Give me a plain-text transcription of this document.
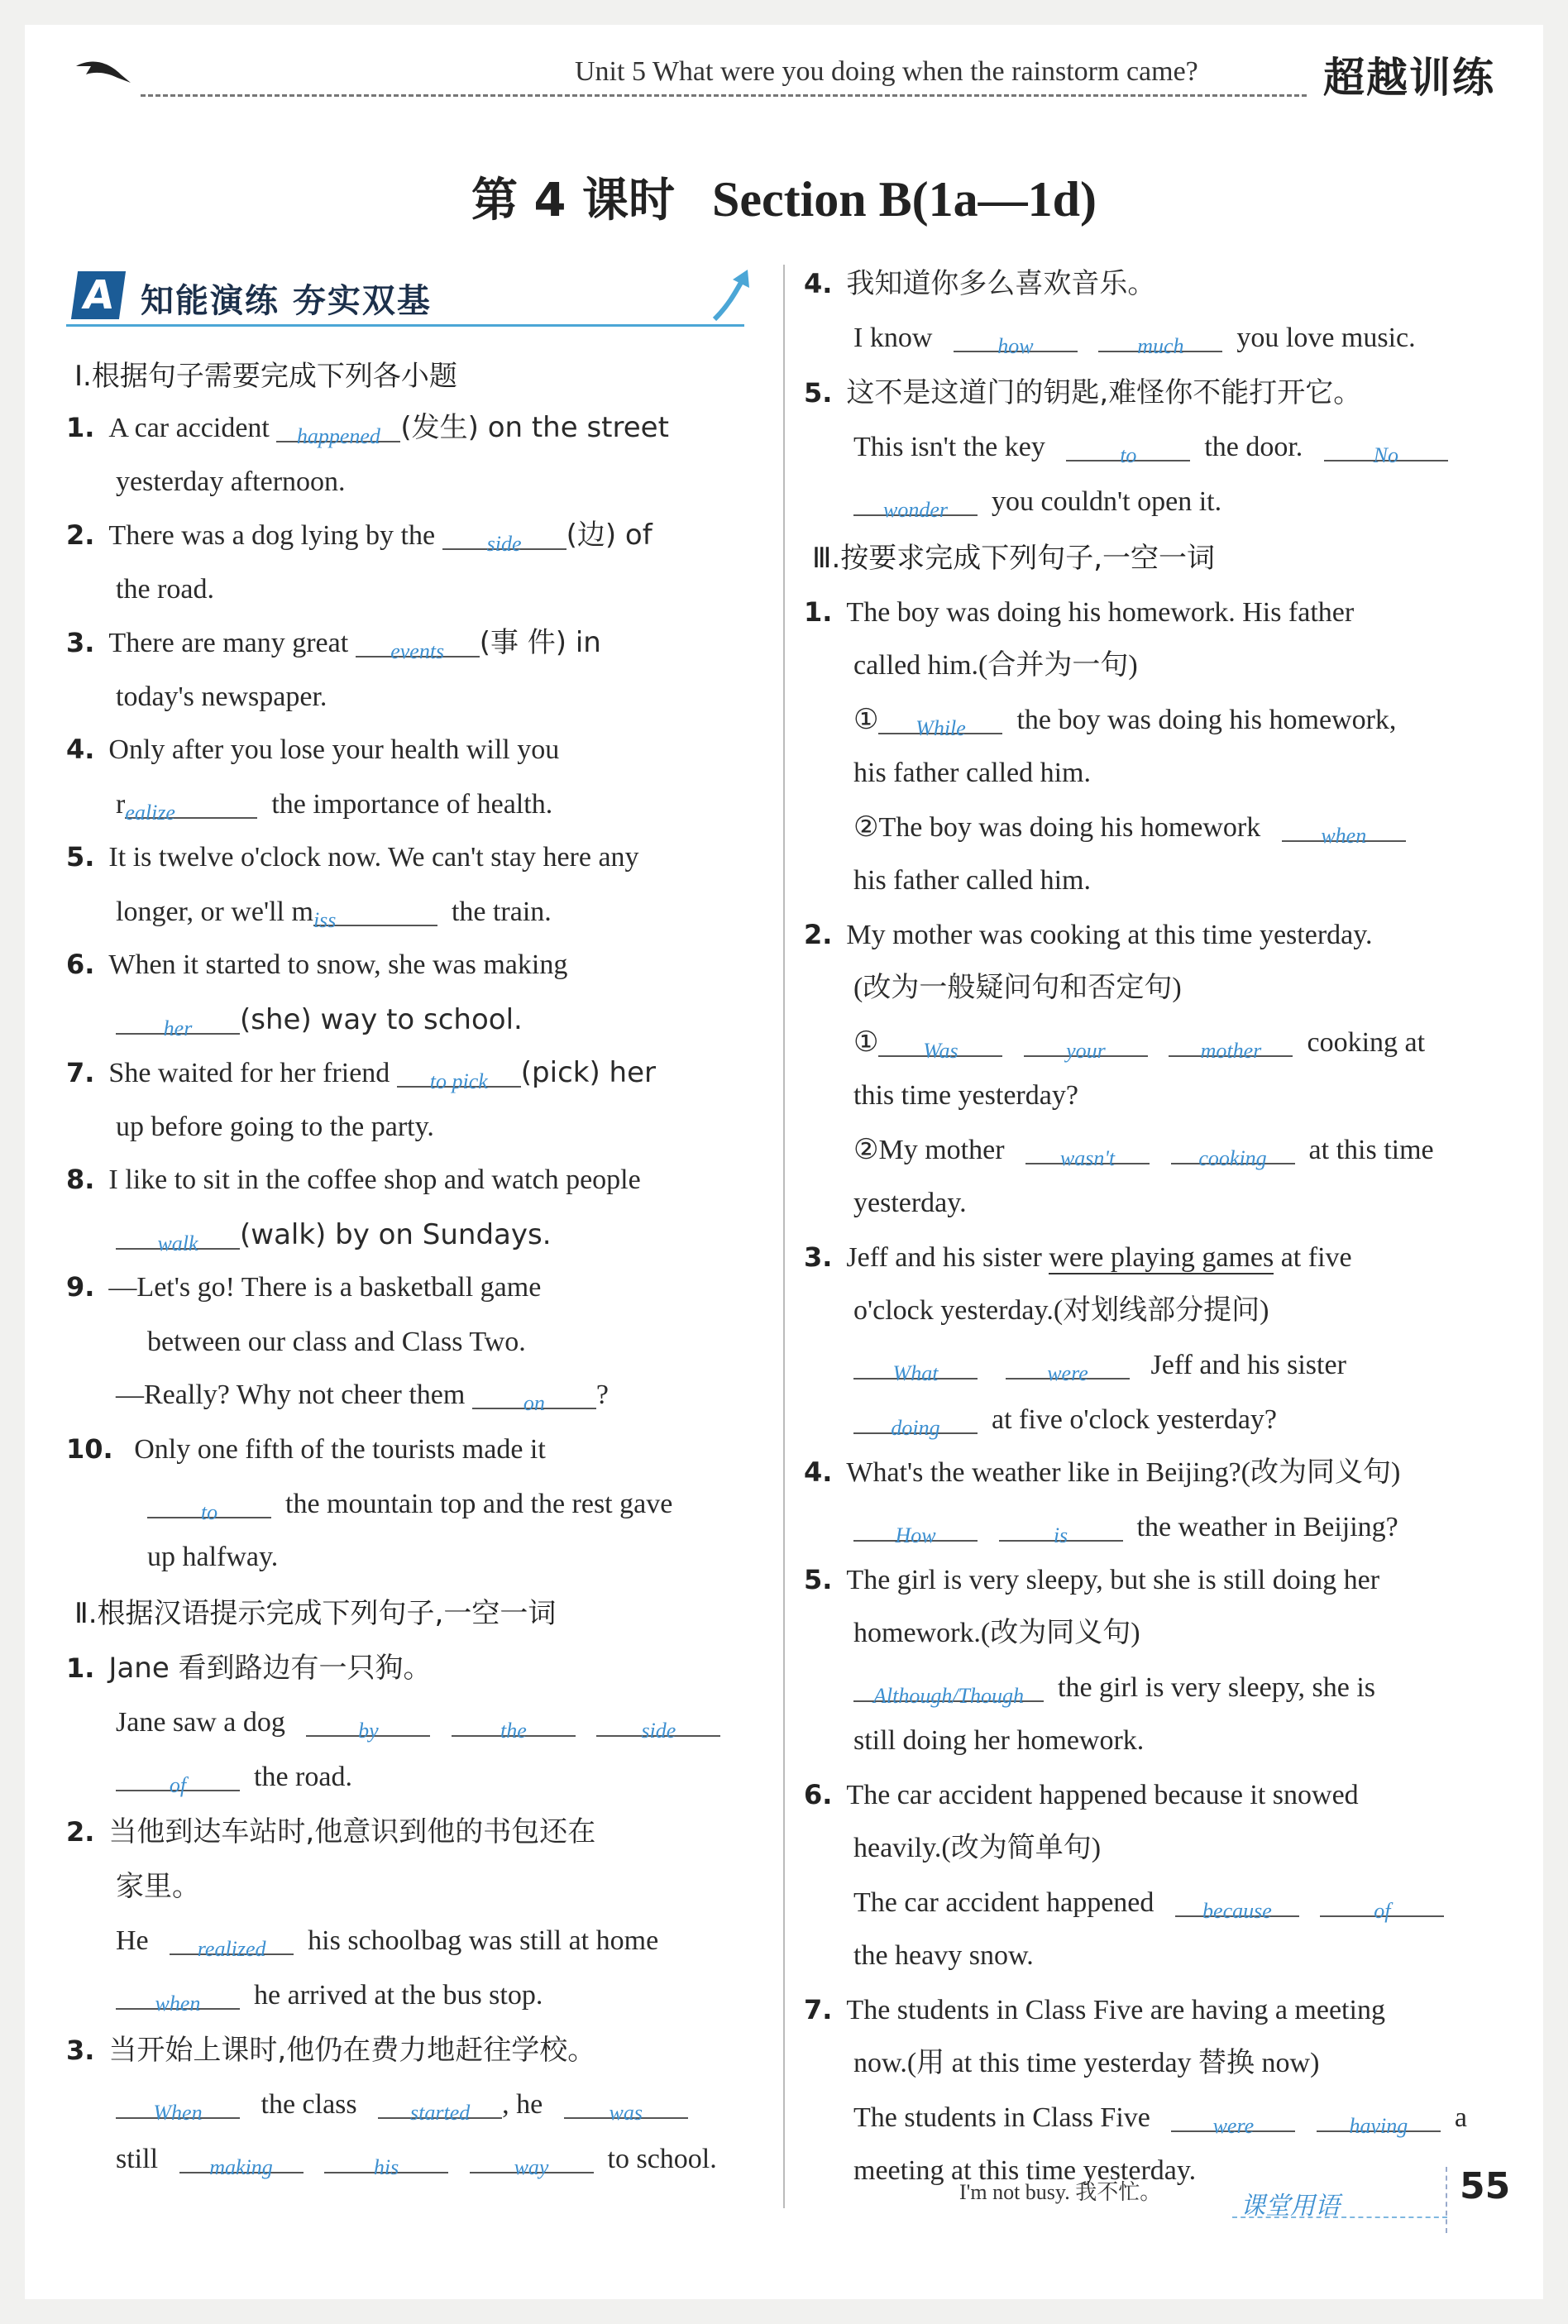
Unit 5 What were you doing when the rainstorm came?	超越训练
第 4 课时 Section B(1a—1d)
A 知能演练 夯实双基
Ⅰ.根据句子需要完成下列各小题
1. A car accident $_{happened}$ (发生) on the street
yesterday afternoon.
2. There was a dog lying by the $_{side}$ (边) of
the road.
3. There are many great $_{events}$ (事 件) in
today's newspaper.
4. Only after you lose your health will you
$r_{ealize}$	the importance of health.
5. It is twelve o'clock now. We can't stay here any
longer, or we'll $m_{iss}$	the train.
6. When it started to snow, she was making
$_{her}$ (she) way to school.
7. She waited for her friend $_{to pick}$ (pick) her
up before going to the party.
8. I like to sit in the coffee shop and watch people
$_{walk}$ (walk) by on Sundays.
9. —Let's go! There is a basketball game
between our class and Class Two.
—Really? Why not cheer them	$_{on}$ ?
10. Only one fifth of the tourists made it
$_{to}$ the mountain top and the rest gave
up halfway.
Ⅱ.根据汉语提示完成下列句子,一空一词
1. Jane 看到路边有一只狗。
Jane saw a dog	$_{by}$	$_{the}$	$_{side}$
$_{of}$ the road.
2. 当他到达车站时,他意识到他的书包还在
家里。
He $_{realized}$ his schoolbag was still at home
$_{when}$ he arrived at the bus stop.
3. 当开始上课时,他仍在费力地赶往学校。
$_{When}$ the class $_{started}$ , he	$_{was}$
still $_{making}$	$_{his}$	$_{way}$ to school.
4. 我知道你多么喜欢音乐。
I know	$_{how}$	$_{much}$ you love music.
5. 这不是这道门的钥匙,难怪你不能打开它。
This isn't the key	$_{to}$ the door.	$_{No}$
$_{wonder}$ you couldn't open it.
Ⅲ.按要求完成下列句子,一空一词
1. The boy was doing his homework. His father
called him.(合并为一句)
① $_{While}$ the boy was doing his homework,
his father called him.
②The boy was doing his homework	$_{when}$
his father called him.
2. My mother was cooking at this time yesterday.
(改为一般疑问句和否定句)
① $_{Was}$	$_{your}$	$_{mother}$ cooking at
this time yesterday?
②My mother	$_{wasn't}$	$_{cooking}$ at this time
yesterday.
3. Jeff and his sister were playing games at five
o'clock yesterday.(对划线部分提问)
$_{What}$	$_{were}$ Jeff and his sister
$_{doing}$ at five o'clock yesterday?
4. What's the weather like in Beijing?(改为同义句)
$_{How}$	$_{is}$ the weather in Beijing?
5. The girl is very sleepy, but she is still doing her
homework.(改为同义句)
$_{Although/Though}$ the girl is very sleepy, she is
still doing her homework.
6. The car accident happened because it snowed
heavily.(改为简单句)
The car accident happened $_{because}$	$_{of}$
the heavy snow.
7. The students in Class Five are having a meeting
now.(用 at this time yesterday 替换 now)
The students in Class Five	$_{were}$	$_{having}$ a
meeting at this time yesterday.
I'm not busy. 我不忙。	课堂用语	55
